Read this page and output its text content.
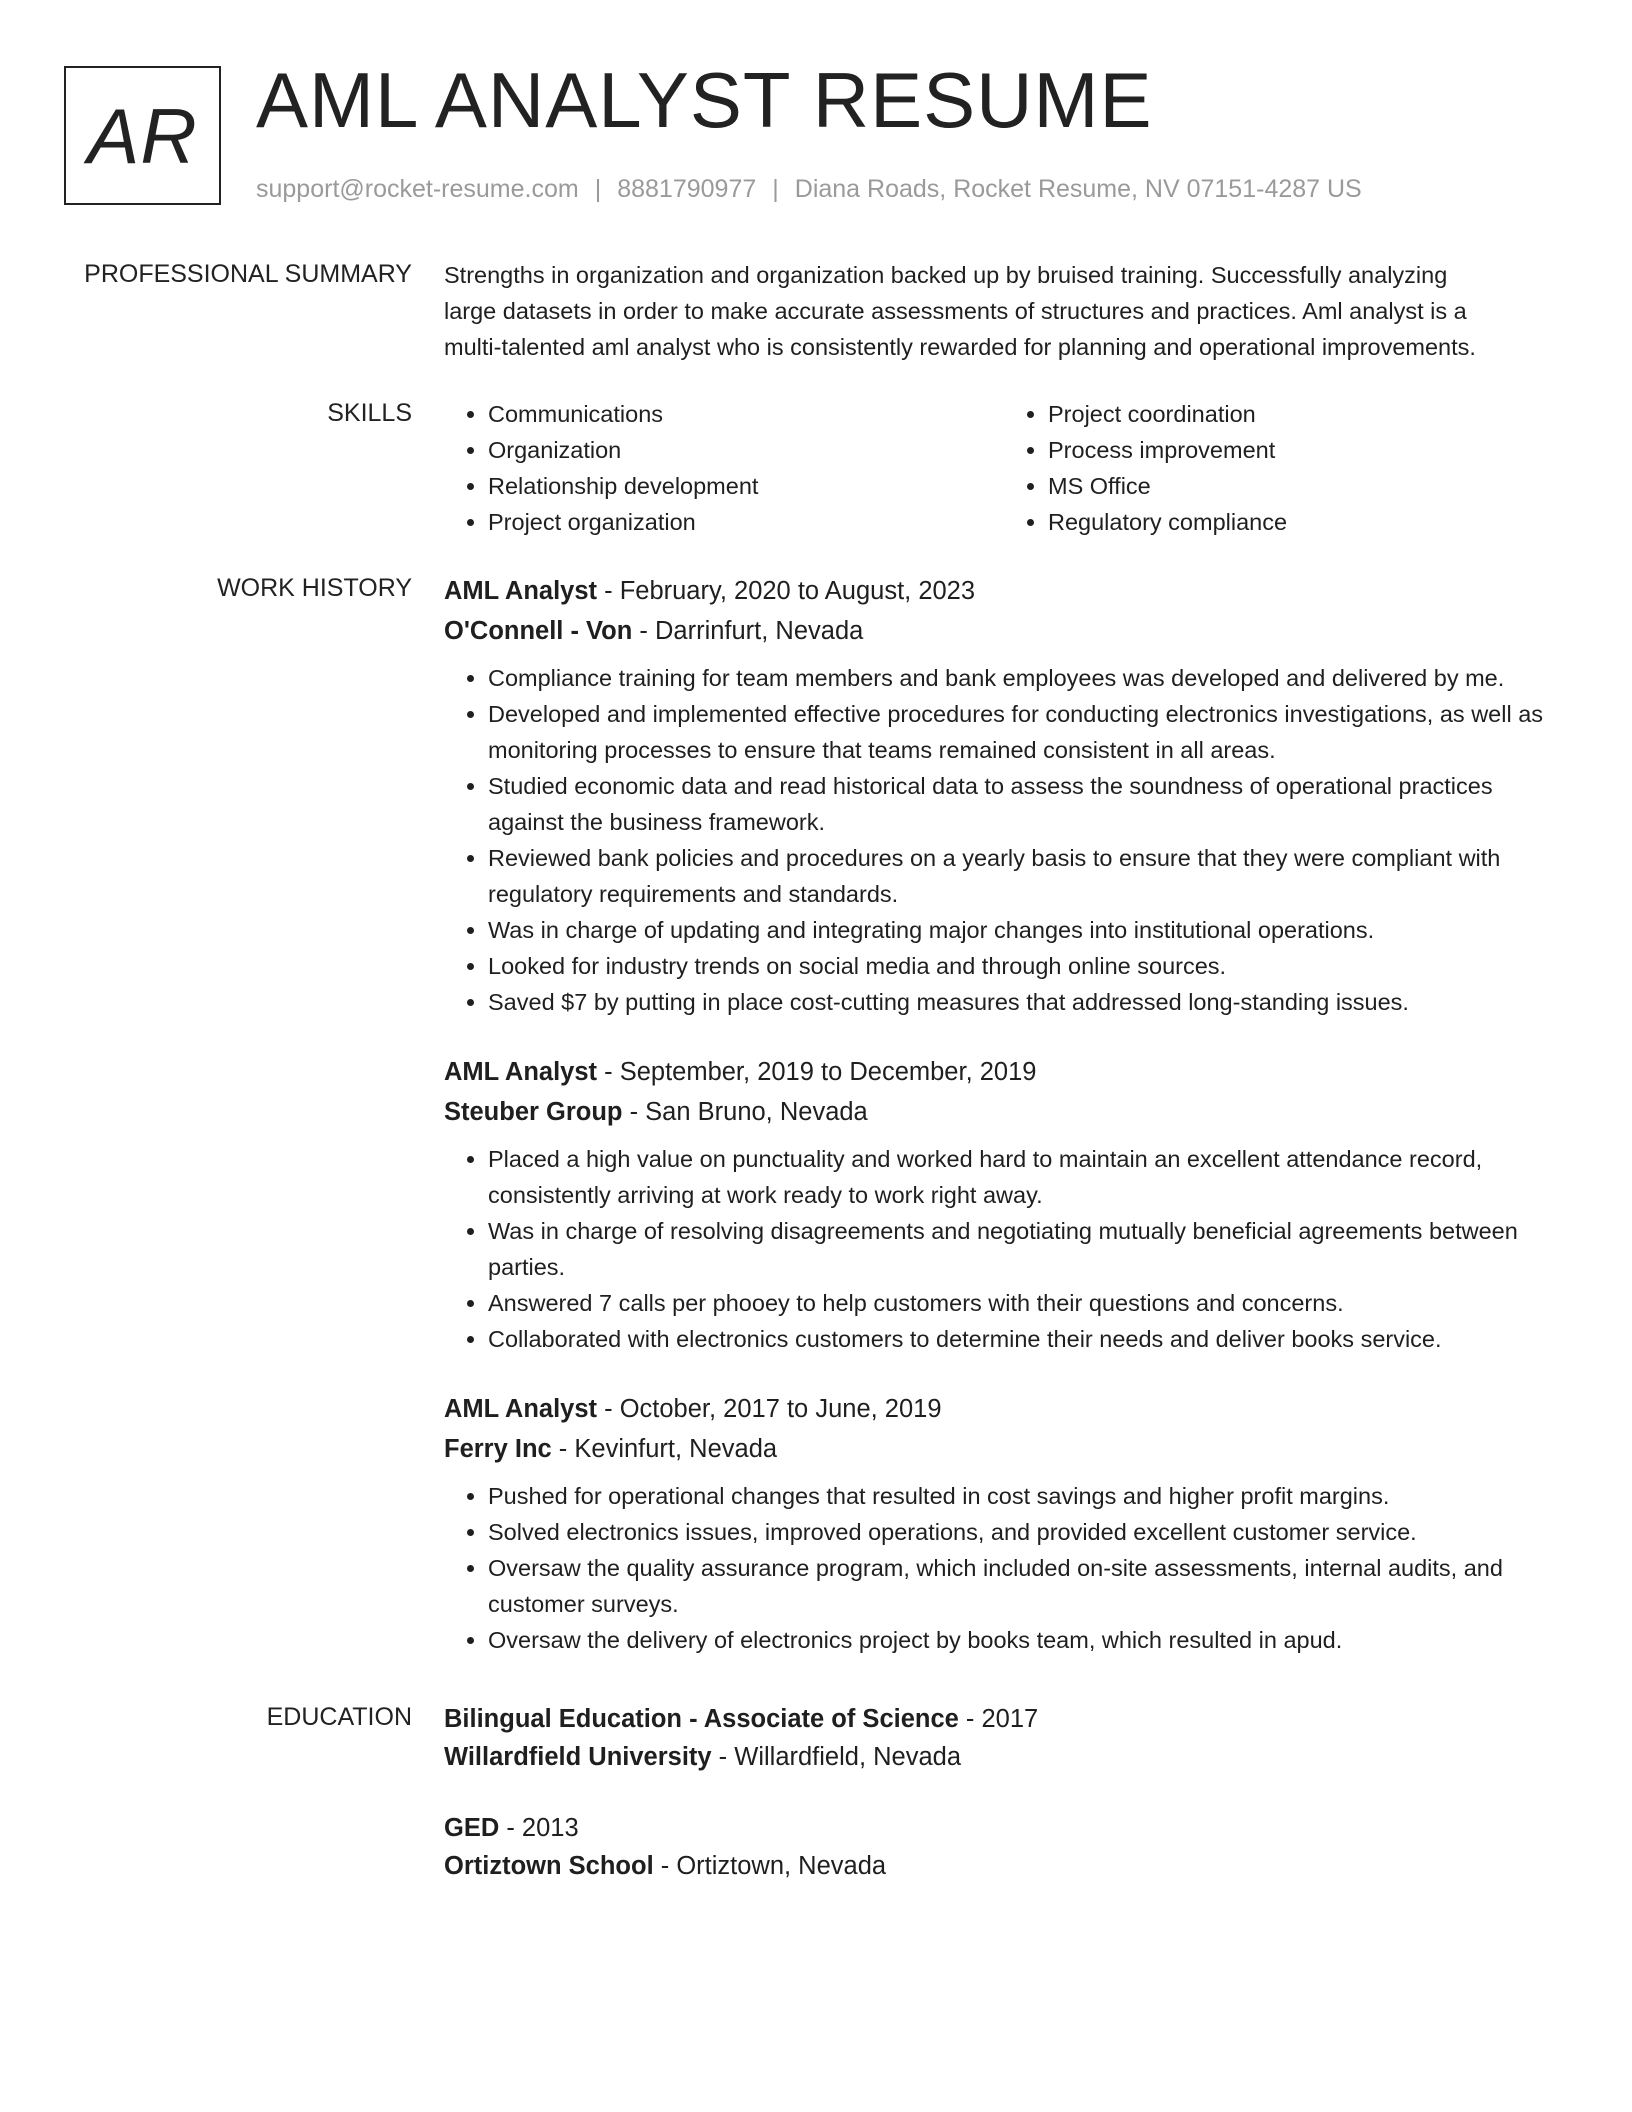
AR AML ANALYST RESUME
support@rocket-resume.com | 8881790977 | Diana Roads, Rocket Resume, NV 07151-4287 US
PROFESSIONAL SUMMARY Strengths in organization and organization backed up by bruised training. Successfully analyzing

large datasets in order to make accurate assessments of structures and practices. Aml analyst is a

multi-talented aml analyst who is consistently rewarded for planning and operational improvements.

SKILLS
•	Communications
• Organization
• Relationship development
• Project organization
• Project coordination
• Process improvement
• MS Office
• Regulatory compliance
WORK HISTORY AML Analyst - February, 2020 to August, 2023
O'Connell - Von - Darrinfurt, Nevada
• Compliance training for team members and bank employees was developed and delivered by me.
• Developed and implemented effective procedures for conducting electronics investigations, as well as monitoring processes to ensure that teams remained consistent in all areas.
• Studied economic data and read historical data to assess the soundness of operational practices against the business framework.
• Reviewed bank policies and procedures on a yearly basis to ensure that they were compliant with regulatory requirements and standards.
• Was in charge of updating and integrating major changes into institutional operations.
• Looked for industry trends on social media and through online sources.
• Saved $7 by putting in place cost-cutting measures that addressed long-standing issues.
AML Analyst - September, 2019 to December, 2019
Steuber Group - San Bruno, Nevada
• Placed a high value on punctuality and worked hard to maintain an excellent attendance record, consistently arriving at work ready to work right away.
• Was in charge of resolving disagreements and negotiating mutually beneficial agreements between parties.
• Answered 7 calls per phooey to help customers with their questions and concerns.
• Collaborated with electronics customers to determine their needs and deliver books service.
AML Analyst - October, 2017 to June, 2019
Ferry Inc - Kevinfurt, Nevada
• Pushed for operational changes that resulted in cost savings and higher profit margins.
• Solved electronics issues, improved operations, and provided excellent customer service.
• Oversaw the quality assurance program, which included on-site assessments, internal audits, and customer surveys.
• Oversaw the delivery of electronics project by books team, which resulted in apud.
EDUCATION Bilingual Education - Associate of Science - 2017
Willardfield University - Willardfield, Nevada
GED - 2013
Ortiztown School - Ortiztown, Nevada
